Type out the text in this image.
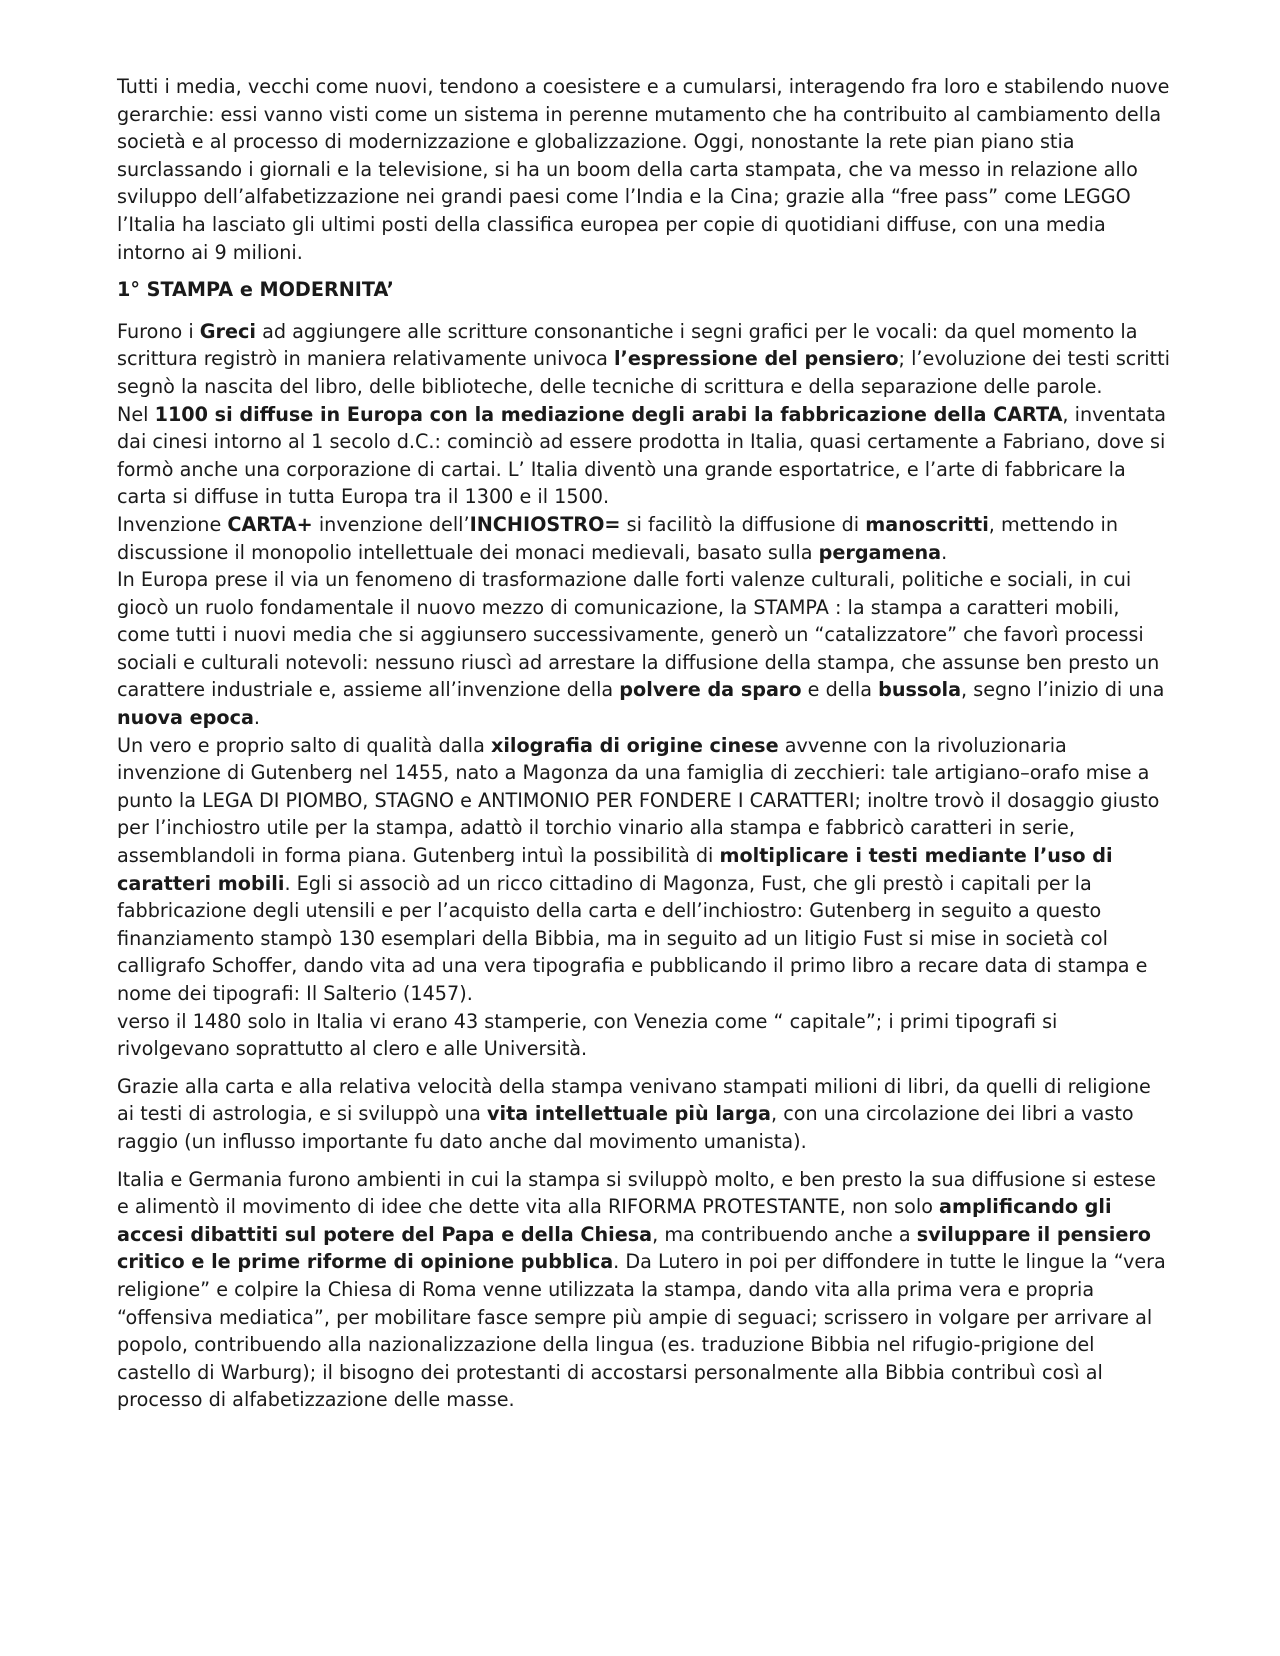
Tutti i media, vecchi come nuovi, tendono a coesistere e a cumularsi, interagendo fra loro e stabilendo nuove gerarchie: essi vanno visti come un sistema in perenne mutamento che ha contribuito al cambiamento della società e al processo di modernizzazione e globalizzazione. Oggi, nonostante la rete pian piano stia surclassando i giornali e la televisione, si ha un boom della carta stampata, che va messo in relazione allo sviluppo dell’alfabetizzazione nei grandi paesi come l’India e la Cina; grazie alla “free pass” come LEGGO l’Italia ha lasciato gli ultimi posti della classifica europea per copie di quotidiani diffuse, con una media intorno ai 9 milioni.

1° STAMPA e MODERNITA’

Furono i Greci ad aggiungere alle scritture consonantiche i segni grafici per le vocali: da quel momento la scrittura registrò in maniera relativamente univoca l’espressione del pensiero; l’evoluzione dei testi scritti segnò la nascita del libro, delle biblioteche, delle tecniche di scrittura e della separazione delle parole.

Nel 1100 si diffuse in Europa con la mediazione degli arabi la fabbricazione della CARTA, inventata dai cinesi intorno al 1 secolo d.C.: cominciò ad essere prodotta in Italia, quasi certamente a Fabriano, dove si formò anche una corporazione di cartai. L’ Italia diventò una grande esportatrice, e l’arte di fabbricare la carta si diffuse in tutta Europa tra il 1300 e il 1500.

Invenzione CARTA+ invenzione dell’INCHIOSTRO= si facilitò la diffusione di manoscritti, mettendo in discussione il monopolio intellettuale dei monaci medievali, basato sulla pergamena.

In Europa prese il via un fenomeno di trasformazione dalle forti valenze culturali, politiche e sociali, in cui giocò un ruolo fondamentale il nuovo mezzo di comunicazione, la STAMPA : la stampa a caratteri mobili, come tutti i nuovi media che si aggiunsero successivamente, generò un “catalizzatore” che favorì processi sociali e culturali notevoli: nessuno riuscì ad arrestare la diffusione della stampa, che assunse ben presto un carattere industriale e, assieme all’invenzione della polvere da sparo e della bussola, segno l’inizio di una nuova epoca.

Un vero e proprio salto di qualità dalla xilografia di origine cinese avvenne con la rivoluzionaria invenzione di Gutenberg nel 1455, nato a Magonza da una famiglia di zecchieri: tale artigiano–orafo mise a punto la LEGA DI PIOMBO, STAGNO e ANTIMONIO PER FONDERE I CARATTERI; inoltre trovò il dosaggio giusto per l’inchiostro utile per la stampa, adattò il torchio vinario alla stampa e fabbricò caratteri in serie, assemblandoli in forma piana. Gutenberg intuì la possibilità di moltiplicare i testi mediante l’uso di caratteri mobili. Egli si associò ad un ricco cittadino di Magonza, Fust, che gli prestò i capitali per la fabbricazione degli utensili e per l’acquisto della carta e dell’inchiostro: Gutenberg in seguito a questo finanziamento stampò 130 esemplari della Bibbia, ma in seguito ad un litigio Fust si mise in società col calligrafo Schoffer, dando vita ad una vera tipografia e pubblicando il primo libro a recare data di stampa e nome dei tipografi: Il Salterio (1457).

verso il 1480 solo in Italia vi erano 43 stamperie, con Venezia come “ capitale”; i primi tipografi si rivolgevano soprattutto al clero e alle Università.

Grazie alla carta e alla relativa velocità della stampa venivano stampati milioni di libri, da quelli di religione ai testi di astrologia, e si sviluppò una vita intellettuale più larga, con una circolazione dei libri a vasto raggio (un influsso importante fu dato anche dal movimento umanista).

Italia e Germania furono ambienti in cui la stampa si sviluppò molto, e ben presto la sua diffusione si estese e alimentò il movimento di idee che dette vita alla RIFORMA PROTESTANTE, non solo amplificando gli accesi dibattiti sul potere del Papa e della Chiesa, ma contribuendo anche a sviluppare il pensiero critico e le prime riforme di opinione pubblica. Da Lutero in poi per diffondere in tutte le lingue la “vera religione” e colpire la Chiesa di Roma venne utilizzata la stampa, dando vita alla prima vera e propria “offensiva mediatica”, per mobilitare fasce sempre più ampie di seguaci; scrissero in volgare per arrivare al popolo, contribuendo alla nazionalizzazione della lingua (es. traduzione Bibbia nel rifugio-prigione del castello di Warburg); il bisogno dei protestanti di accostarsi personalmente alla Bibbia contribuì così al processo di alfabetizzazione delle masse.
